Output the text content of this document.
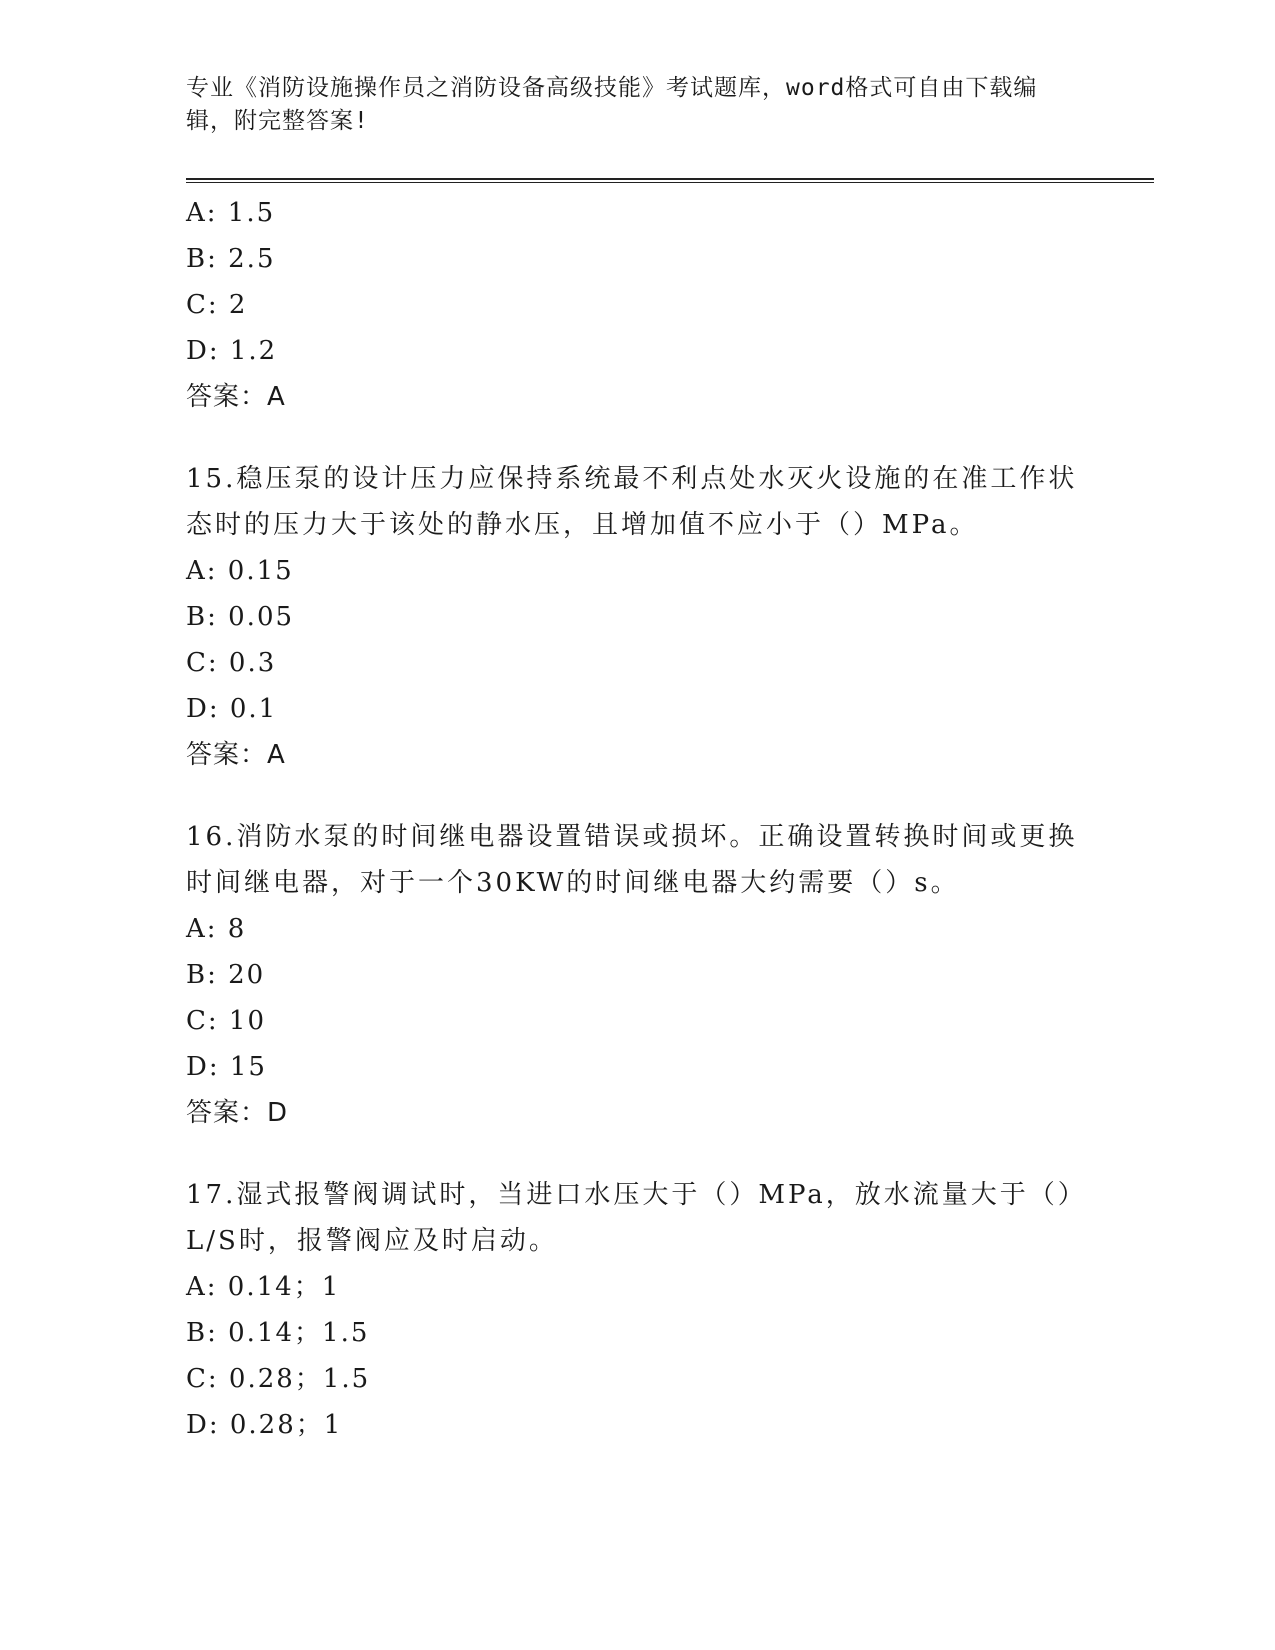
专业《消防设施操作员之消防设备高级技能》考试题库，word格式可自由下载编辑，附完整答案!
A: 1.5
B: 2.5
C: 2
D: 1.2
答案：A
15.稳压泵的设计压力应保持系统最不利点处水灭火设施的在准工作状态时的压力大于该处的静水压，且增加值不应小于（）MPa。
A: 0.15
B: 0.05
C: 0.3
D: 0.1
答案：A
16.消防水泵的时间继电器设置错误或损坏。正确设置转换时间或更换时间继电器，对于一个30KW的时间继电器大约需要（）s。
A: 8
B: 20
C: 10
D: 15
答案：D
17.湿式报警阀调试时，当进口水压大于（）MPa，放水流量大于（）L/S时，报警阀应及时启动。
A: 0.14；1
B: 0.14；1.5
C: 0.28；1.5
D: 0.28；1
